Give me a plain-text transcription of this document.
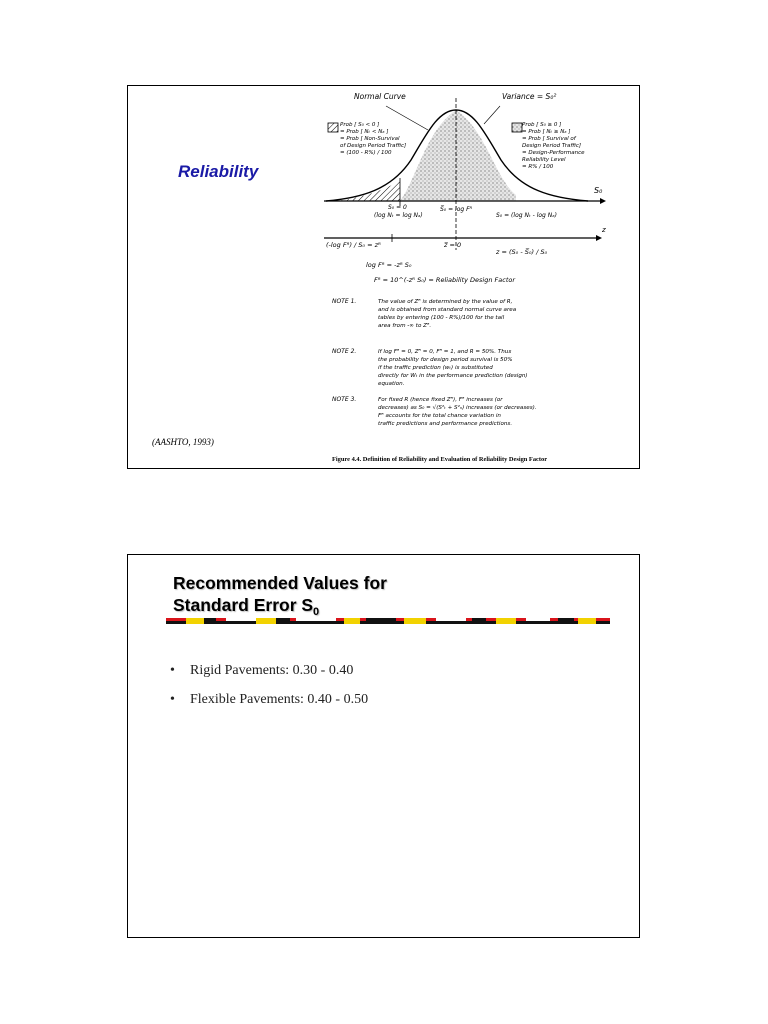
Reliability
(AASHTO, 1993)
Normal Curve	Variance = S₀²
Prob [ S₀ < 0 ]
= Prob [ Nₜ < Nₐ ]
= Prob [ Non-Survival
of Design Period Traffic]
= (100 - R%) / 100
Prob [ S₀ ≥ 0 ]
= Prob [ Nₜ ≥ Nₐ ]
= Prob [ Survival of
Design Period Traffic]
= Design-Performance
Reliability Level
= R% / 100
S₀
S₀ = 0
(log Nₜ = log Nₐ)
S̅₀ = log Fᴿ
S₀ = (log Nₜ - log Nₐ)
z
(-log Fᴿ) / S₀ = zᴿ	z̅ = 0
z = (S₀ - S̅₀) / S₀
log Fᴿ = -zᴿ S₀
Fᴿ = 10^(-zᴿ S₀) = Reliability Design Factor
NOTE 1.	The value of Zᴿ is determined by the value of R,
and is obtained from standard normal curve area
tables by entering (100 - R%)/100 for the tail
area from -∞ to Zᴿ.
NOTE 2.	If log Fᴿ = 0, Zᴿ = 0, Fᴿ = 1, and R = 50%. Thus
the probability for design period survival is 50%
if the traffic prediction (wₜ) is substituted
directly for Wₜ in the performance prediction (design)
equation.
NOTE 3.	For fixed R (hence fixed Zᴿ), Fᴿ increases (or
decreases) as S₀ = √(S²ₜ + S²ₙ) increases (or decreases).
Fᴿ accounts for the total chance variation in
traffic predictions and performance predictions.
Figure 4.4. Definition of Reliability and Evaluation of Reliability Design Factor
Recommended Values for
Standard Error $S_0$
•	Rigid Pavements: 0.30 - 0.40
•	Flexible Pavements: 0.40 - 0.50
